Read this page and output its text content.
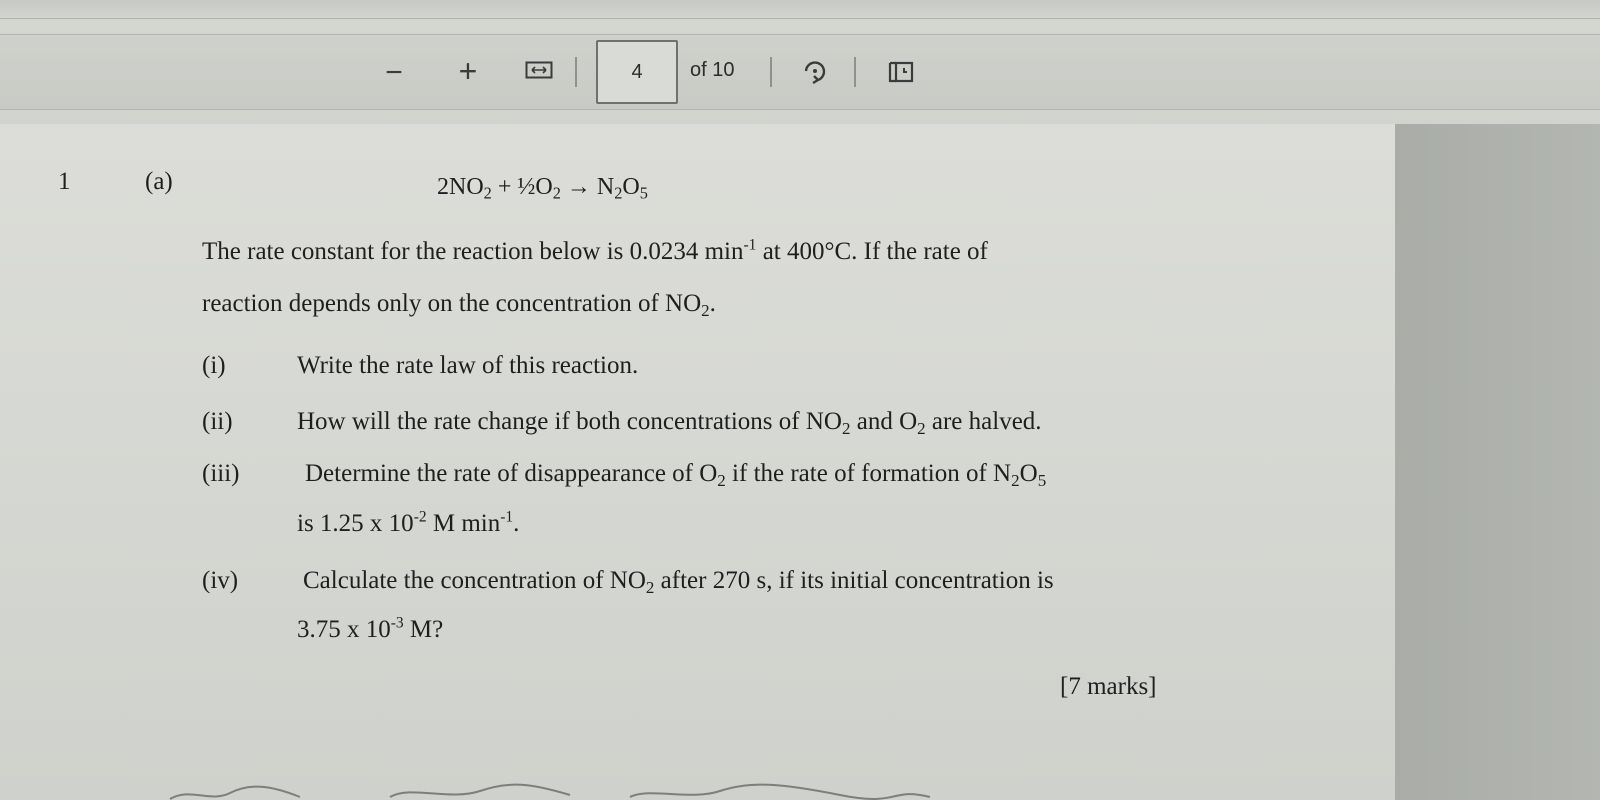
− +	4 of 10
1	(a)	$2NO_2$ + $\frac{1}{2}O_2 \to N_2O_5$
The rate constant for the reaction below is 0.0234 $\min^{-1}$ at 400°C. If the rate of
reaction depends only on the concentration of $NO_2$.
(i)	Write the rate law of this reaction.
(ii)	How will the rate change if both concentrations of $NO_2$ and $O_2$ are halved.
(iii)	Determine the rate of disappearance of $O_2$ if the rate of formation of $N_2O_5$
is 1.25 x $10^{-2}$ M $\min^{-1}$.
(iv)	Calculate the concentration of $NO_2$ after 270 s, if its initial concentration is
3.75 x $10^{-3}$ M?
[7 marks]
